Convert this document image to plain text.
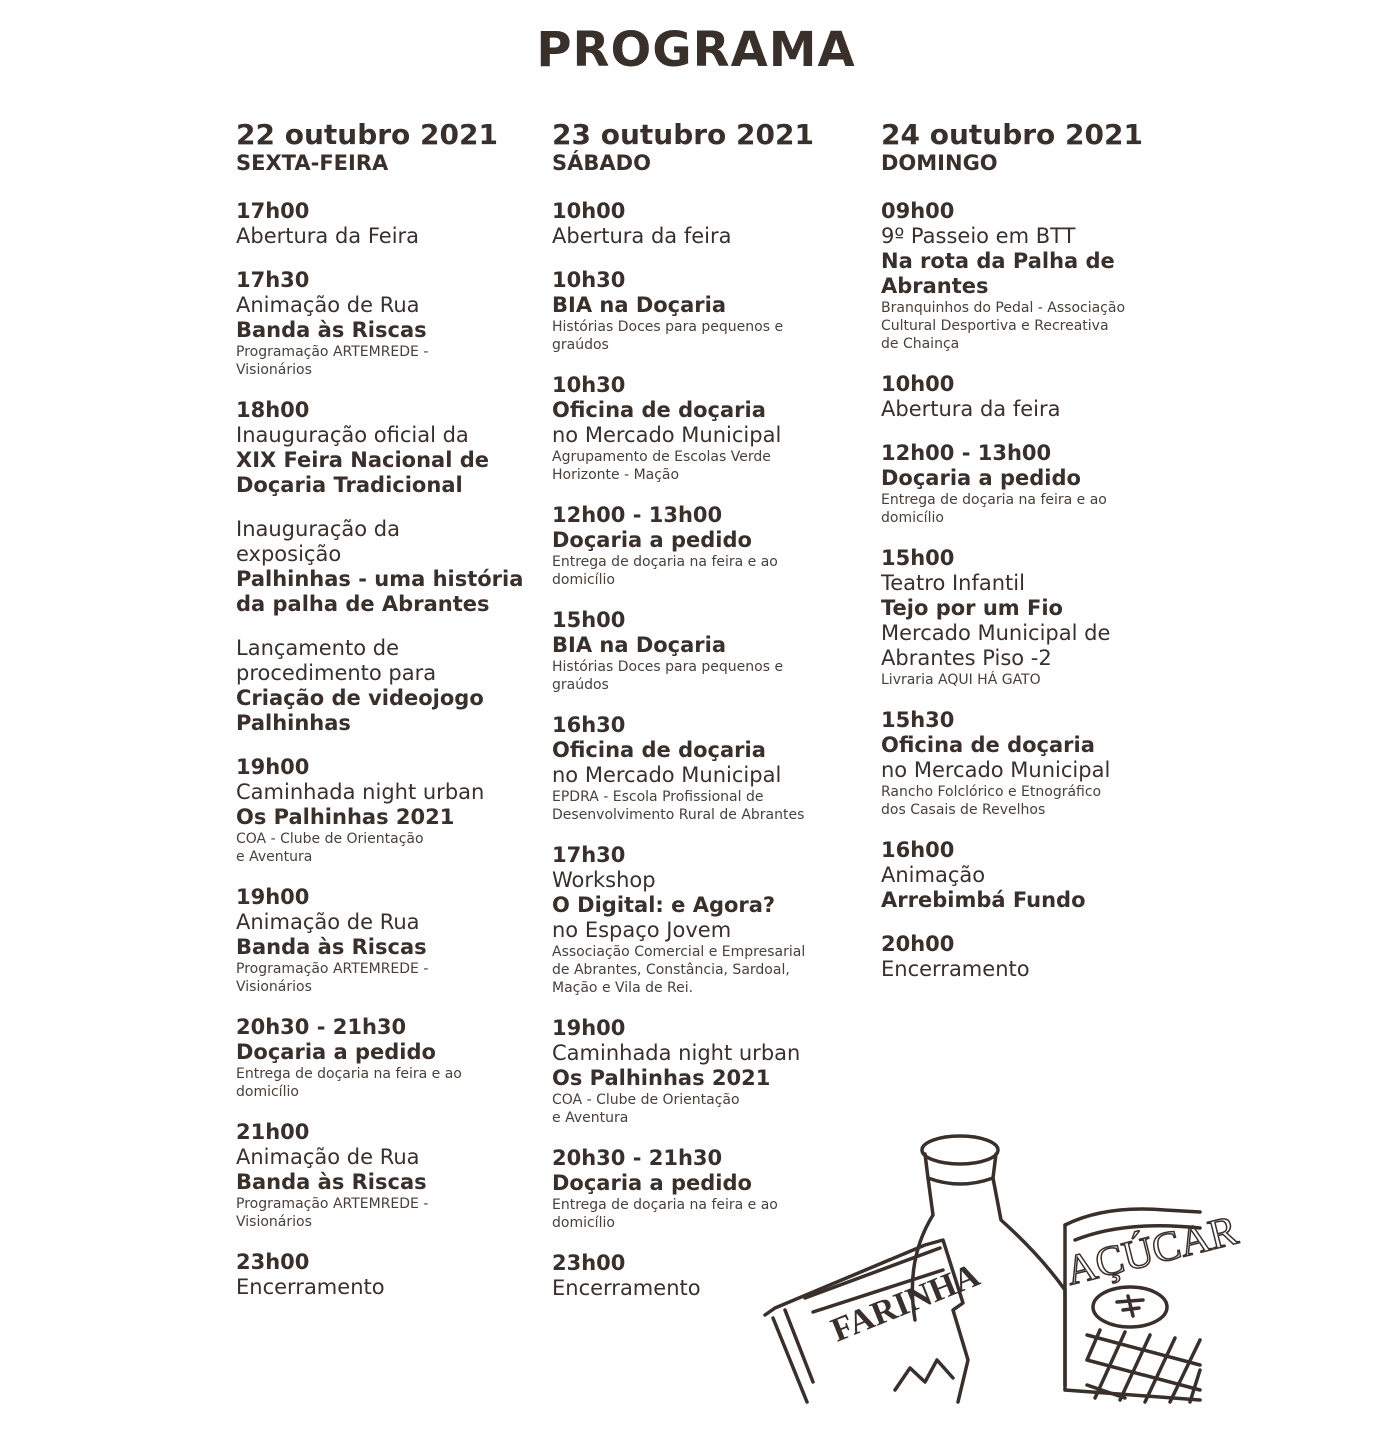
PROGRAMA
22 outubro 2021
SEXTA-FEIRA
17h00
Abertura da Feira
17h30
Animação de Rua
Banda às Riscas
Programação ARTEMREDE -
Visionários
18h00
Inauguração oficial da
XIX Feira Nacional de
Doçaria Tradicional
Inauguração da
exposição
Palhinhas - uma história
da palha de Abrantes
Lançamento de
procedimento para
Criação de videojogo
Palhinhas
19h00
Caminhada night urban
Os Palhinhas 2021
COA - Clube de Orientação
e Aventura
19h00
Animação de Rua
Banda às Riscas
Programação ARTEMREDE -
Visionários
20h30 - 21h30
Doçaria a pedido
Entrega de doçaria na feira e ao
domicílio
21h00
Animação de Rua
Banda às Riscas
Programação ARTEMREDE -
Visionários
23h00
Encerramento
23 outubro 2021
SÁBADO
10h00
Abertura da feira
10h30
BIA na Doçaria
Histórias Doces para pequenos e
graúdos
10h30
Oficina de doçaria
no Mercado Municipal
Agrupamento de Escolas Verde
Horizonte - Mação
12h00 - 13h00
Doçaria a pedido
Entrega de doçaria na feira e ao
domicílio
15h00
BIA na Doçaria
Histórias Doces para pequenos e
graúdos
16h30
Oficina de doçaria
no Mercado Municipal
EPDRA - Escola Profissional de
Desenvolvimento Rural de Abrantes
17h30
Workshop
O Digital: e Agora?
no Espaço Jovem
Associação Comercial e Empresarial
de Abrantes, Constância, Sardoal,
Mação e Vila de Rei.
19h00
Caminhada night urban
Os Palhinhas 2021
COA - Clube de Orientação
e Aventura
20h30 - 21h30
Doçaria a pedido
Entrega de doçaria na feira e ao
domicílio
23h00
Encerramento
24 outubro 2021
DOMINGO
09h00
9º Passeio em BTT
Na rota da Palha de
Abrantes
Branquinhos do Pedal - Associação
Cultural Desportiva e Recreativa
de Chainça
10h00
Abertura da feira
12h00 - 13h00
Doçaria a pedido
Entrega de doçaria na feira e ao
domicílio
15h00
Teatro Infantil
Tejo por um Fio
Mercado Municipal de
Abrantes Piso -2
Livraria AQUI HÁ GATO
15h30
Oficina de doçaria
no Mercado Municipal
Rancho Folclórico e Etnográfico
dos Casais de Revelhos
16h00
Animação
Arrebimbá Fundo
20h00
Encerramento
FARINHA
AÇÚCAR
